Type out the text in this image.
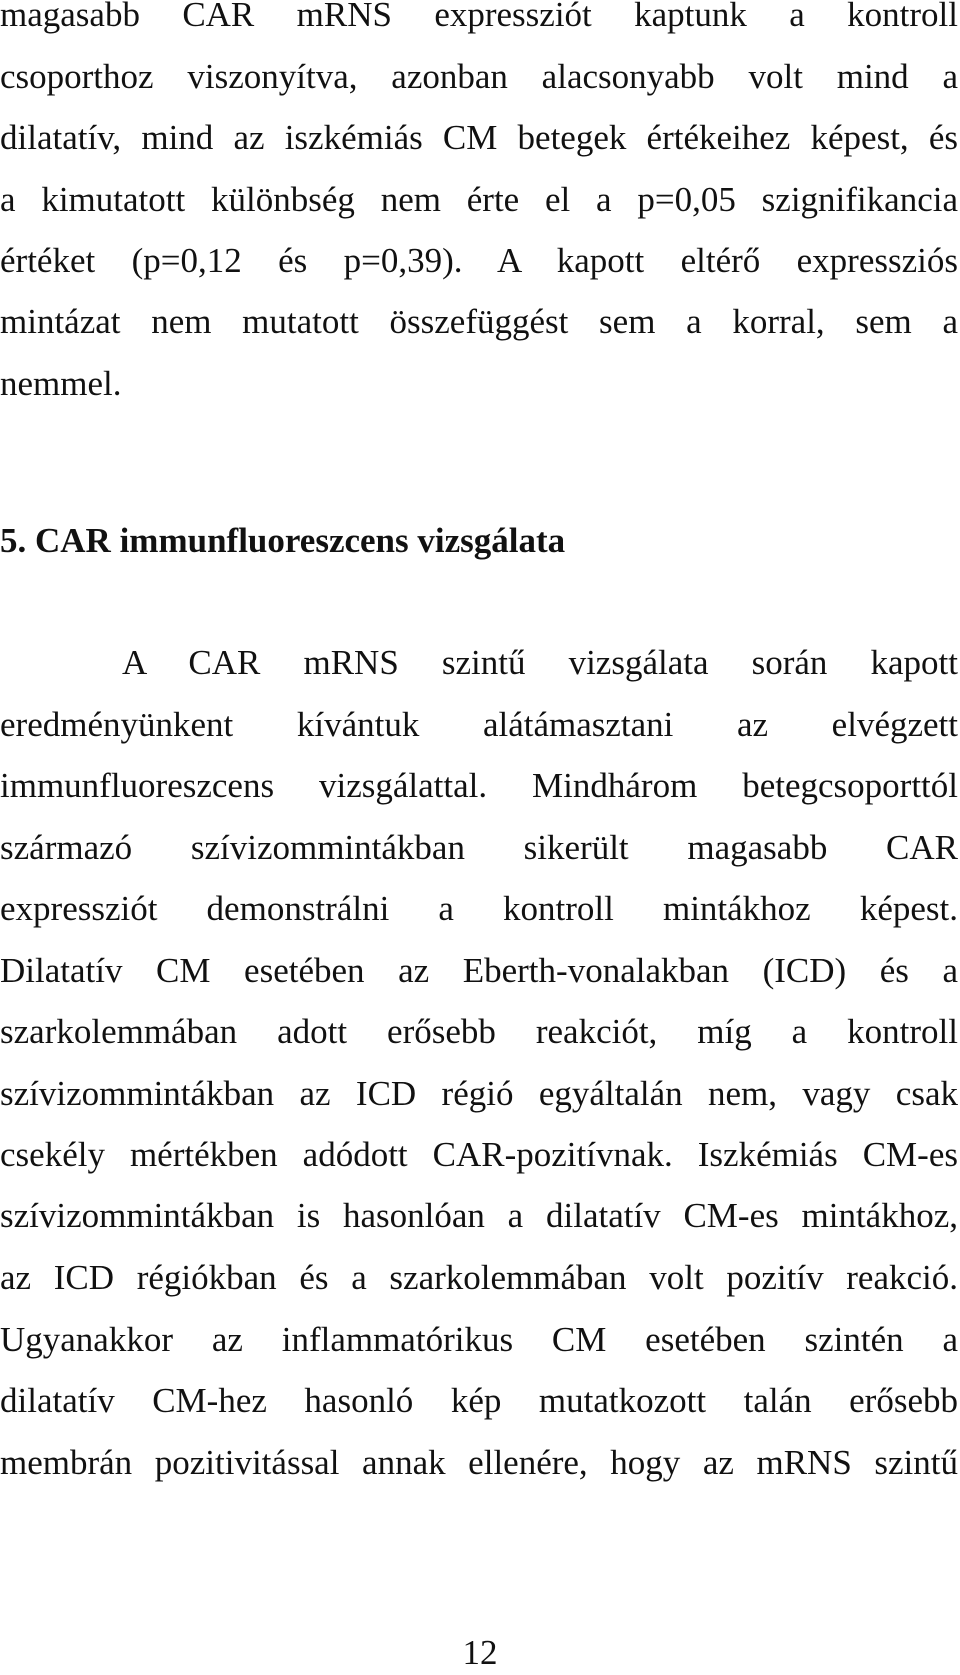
magasabb CAR mRNS expressziót kaptunk a kontroll
csoporthoz viszonyítva, azonban alacsonyabb volt mind a
dilatatív, mind az iszkémiás CM betegek értékeihez képest, és
a kimutatott különbség nem érte el a p=0,05 szignifikancia
értéket (p=0,12 és p=0,39). A kapott eltérő expressziós
mintázat nem mutatott összefüggést sem a korral, sem a
nemmel.
5. CAR immunfluoreszcens vizsgálata
A CAR mRNS szintű vizsgálata során kapott
eredményünkent kívántuk alátámasztani az elvégzett
immunfluoreszcens vizsgálattal. Mindhárom betegcsoporttól
származó szívizommintákban sikerült magasabb CAR
expressziót demonstrálni a kontroll mintákhoz képest.
Dilatatív CM esetében az Eberth-vonalakban (ICD) és a
szarkolemmában adott erősebb reakciót, míg a kontroll
szívizommintákban az ICD régió egyáltalán nem, vagy csak
csekély mértékben adódott CAR-pozitívnak. Iszkémiás CM-es
szívizommintákban is hasonlóan a dilatatív CM-es mintákhoz,
az ICD régiókban és a szarkolemmában volt pozitív reakció.
Ugyanakkor az inflammatórikus CM esetében szintén a
dilatatív CM-hez hasonló kép mutatkozott talán erősebb
membrán pozitivitással annak ellenére, hogy az mRNS szintű
12
